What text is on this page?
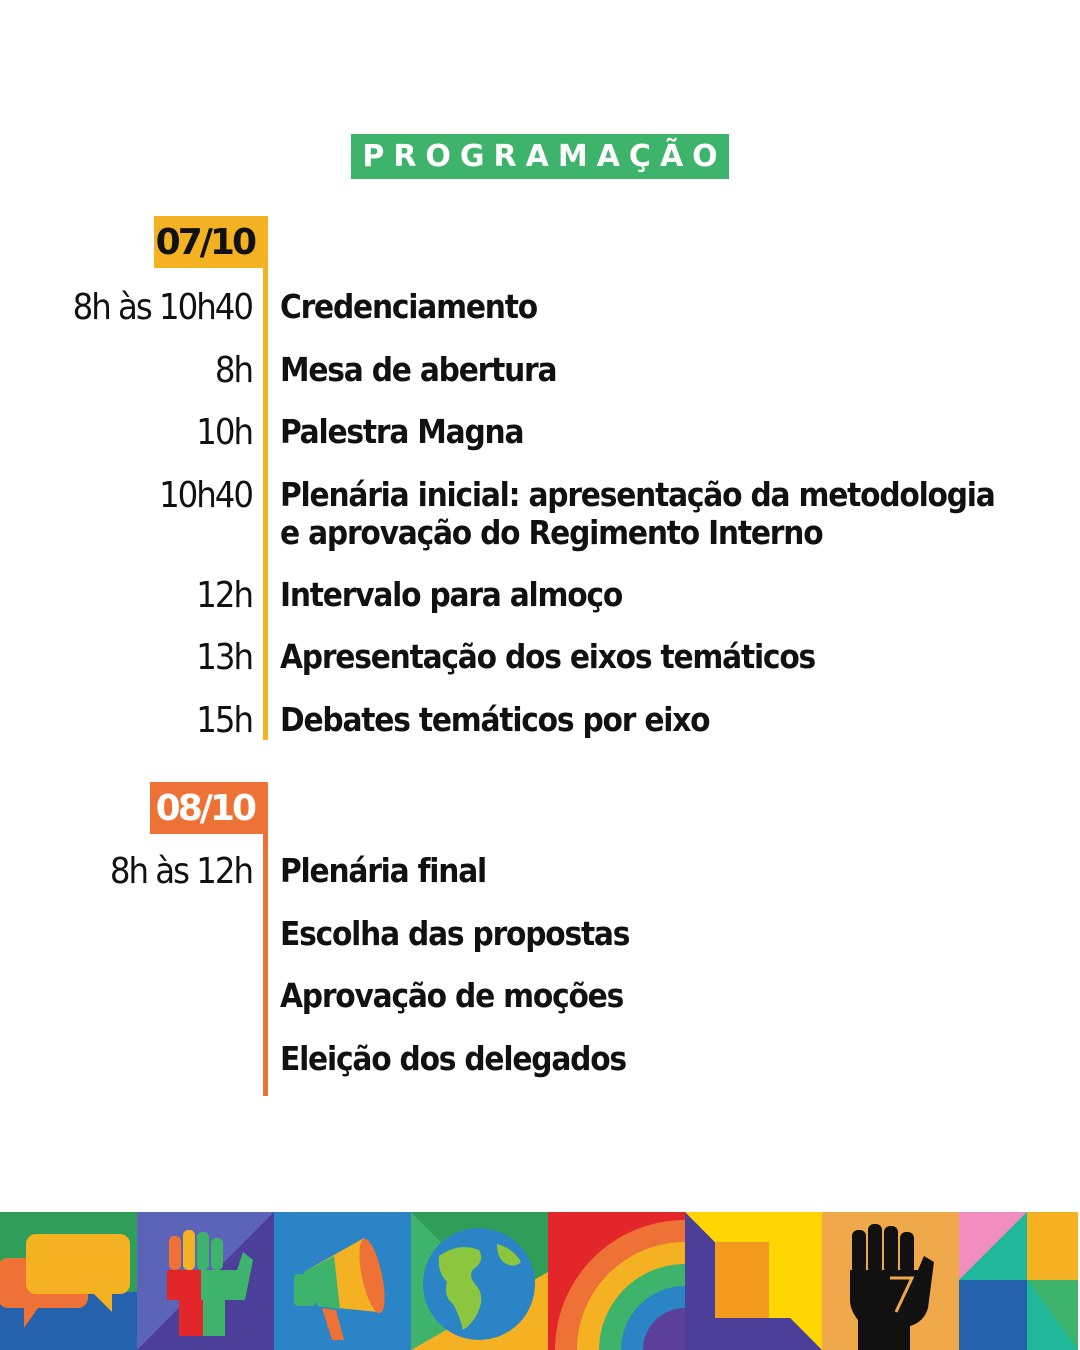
PROGRAMAÇÃO
07/10
8h às 10h40 Credenciamento
8h Mesa de abertura
10h Palestra Magna
10h40 Plenária inicial: apresentação da metodologia e aprovação do Regimento Interno
12h Intervalo para almoço
13h Apresentação dos eixos temáticos
15h Debates temáticos por eixo
08/10
8h às 12h Plenária final
Escolha das propostas
Aprovação de moções
Eleição dos delegados
